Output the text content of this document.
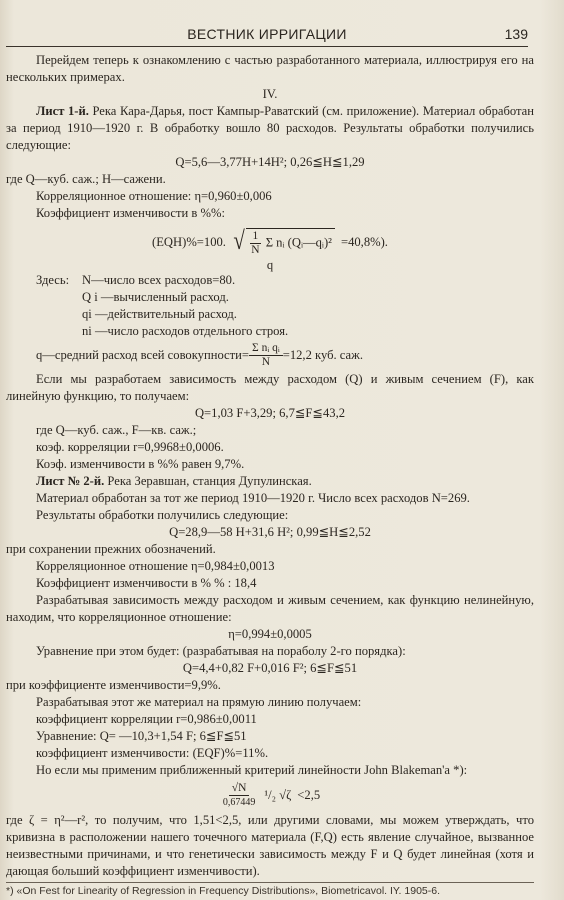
ВЕСТНИК ИРРИГАЦИИ	139

Перейдем теперь к ознакомлению с частью разработанного материала, иллюстрируя его на нескольких примерах.

IV.

Лист 1-й. Река Кара-Дарья, пост Кампыр-Раватский (см. приложение). Материал обработан за период 1910—1920 г. В обработку вошло 80 расходов. Результаты обработки получились следующие:

Q=5,6—3,77H+14H²; 0,26≦H≦1,29

где Q—куб. саж.; H—сажени.

Корреляционное отношение: η=0,960±0,006

Коэффициент изменчивости в %%:

(EQH)%=100. √ $\frac{1}{N}$ Σ nᵢ (Qᵢ—qᵢ)² =40,8%).

q

Здесь:	N—число всех расходов=80.

Q i —вычисленный расход.

qi —действительный расход.

ni —число расходов отдельного строя.

q—средний расход всей совокупности= $\frac{\text{Σ nᵢ qᵢ}}{N} =12,2$ куб. саж.

Если мы разработаем зависимость между расходом (Q) и живым сечением (F), как линейную функцию, то получаем:

Q=1,03 F+3,29; 6,7≦F≦43,2

где Q—куб. саж., F—кв. саж.;

коэф. корреляции r=0,9968±0,0006.

Коэф. изменчивости в %% равен 9,7%.

Лист № 2-й. Река Зеравшан, станция Дупулинская.

Материал обработан за тот же период 1910—1920 г. Число всех расходов N=269.

Результаты обработки получились следующие:

Q=28,9—58 H+31,6 H²; 0,99≦H≦2,52

при сохранении прежних обозначений.

Корреляционное отношение η=0,984±0,0013

Коэффициент изменчивости в % % : 18,4

Разрабатывая зависимость между расходом и живым сечением, как функцию нелинейную, находим, что корреляционное отношение:

η=0,994±0,0005

Уравнение при этом будет: (разрабатывая на пораболу 2-го порядка):

Q=4,4+0,82 F+0,016 F²; 6≦F≦51

при коэффициенте изменчивости=9,9%.

Разрабатывая этот же материал на прямую линию получаем:

коэффициент корреляции r=0,986±0,0011

Уравнение: Q= —10,3+1,54 F; 6≦F≦51

коэффициент изменчивости: (EQF)%=11%.

Но если мы применим приближенный критерий линейности John Blakeman'a *):

$\frac{√N}{0,67449} ^1/_2$ √ζ <2,5

где ζ = η²—r², то получим, что 1,51<2,5, или другими словами, мы можем утверждать, что кривизна в расположении нашего точечного материала (F,Q) есть явление случайное, вызванное неизвестными причинами, и что генетически зависимость между F и Q будет линейная (хотя и дающая больший коэффициент изменчивости).

*) «On Fest for Linearity of Regression in Frequency Distributions», Biometricavol. IY. 1905-6.
